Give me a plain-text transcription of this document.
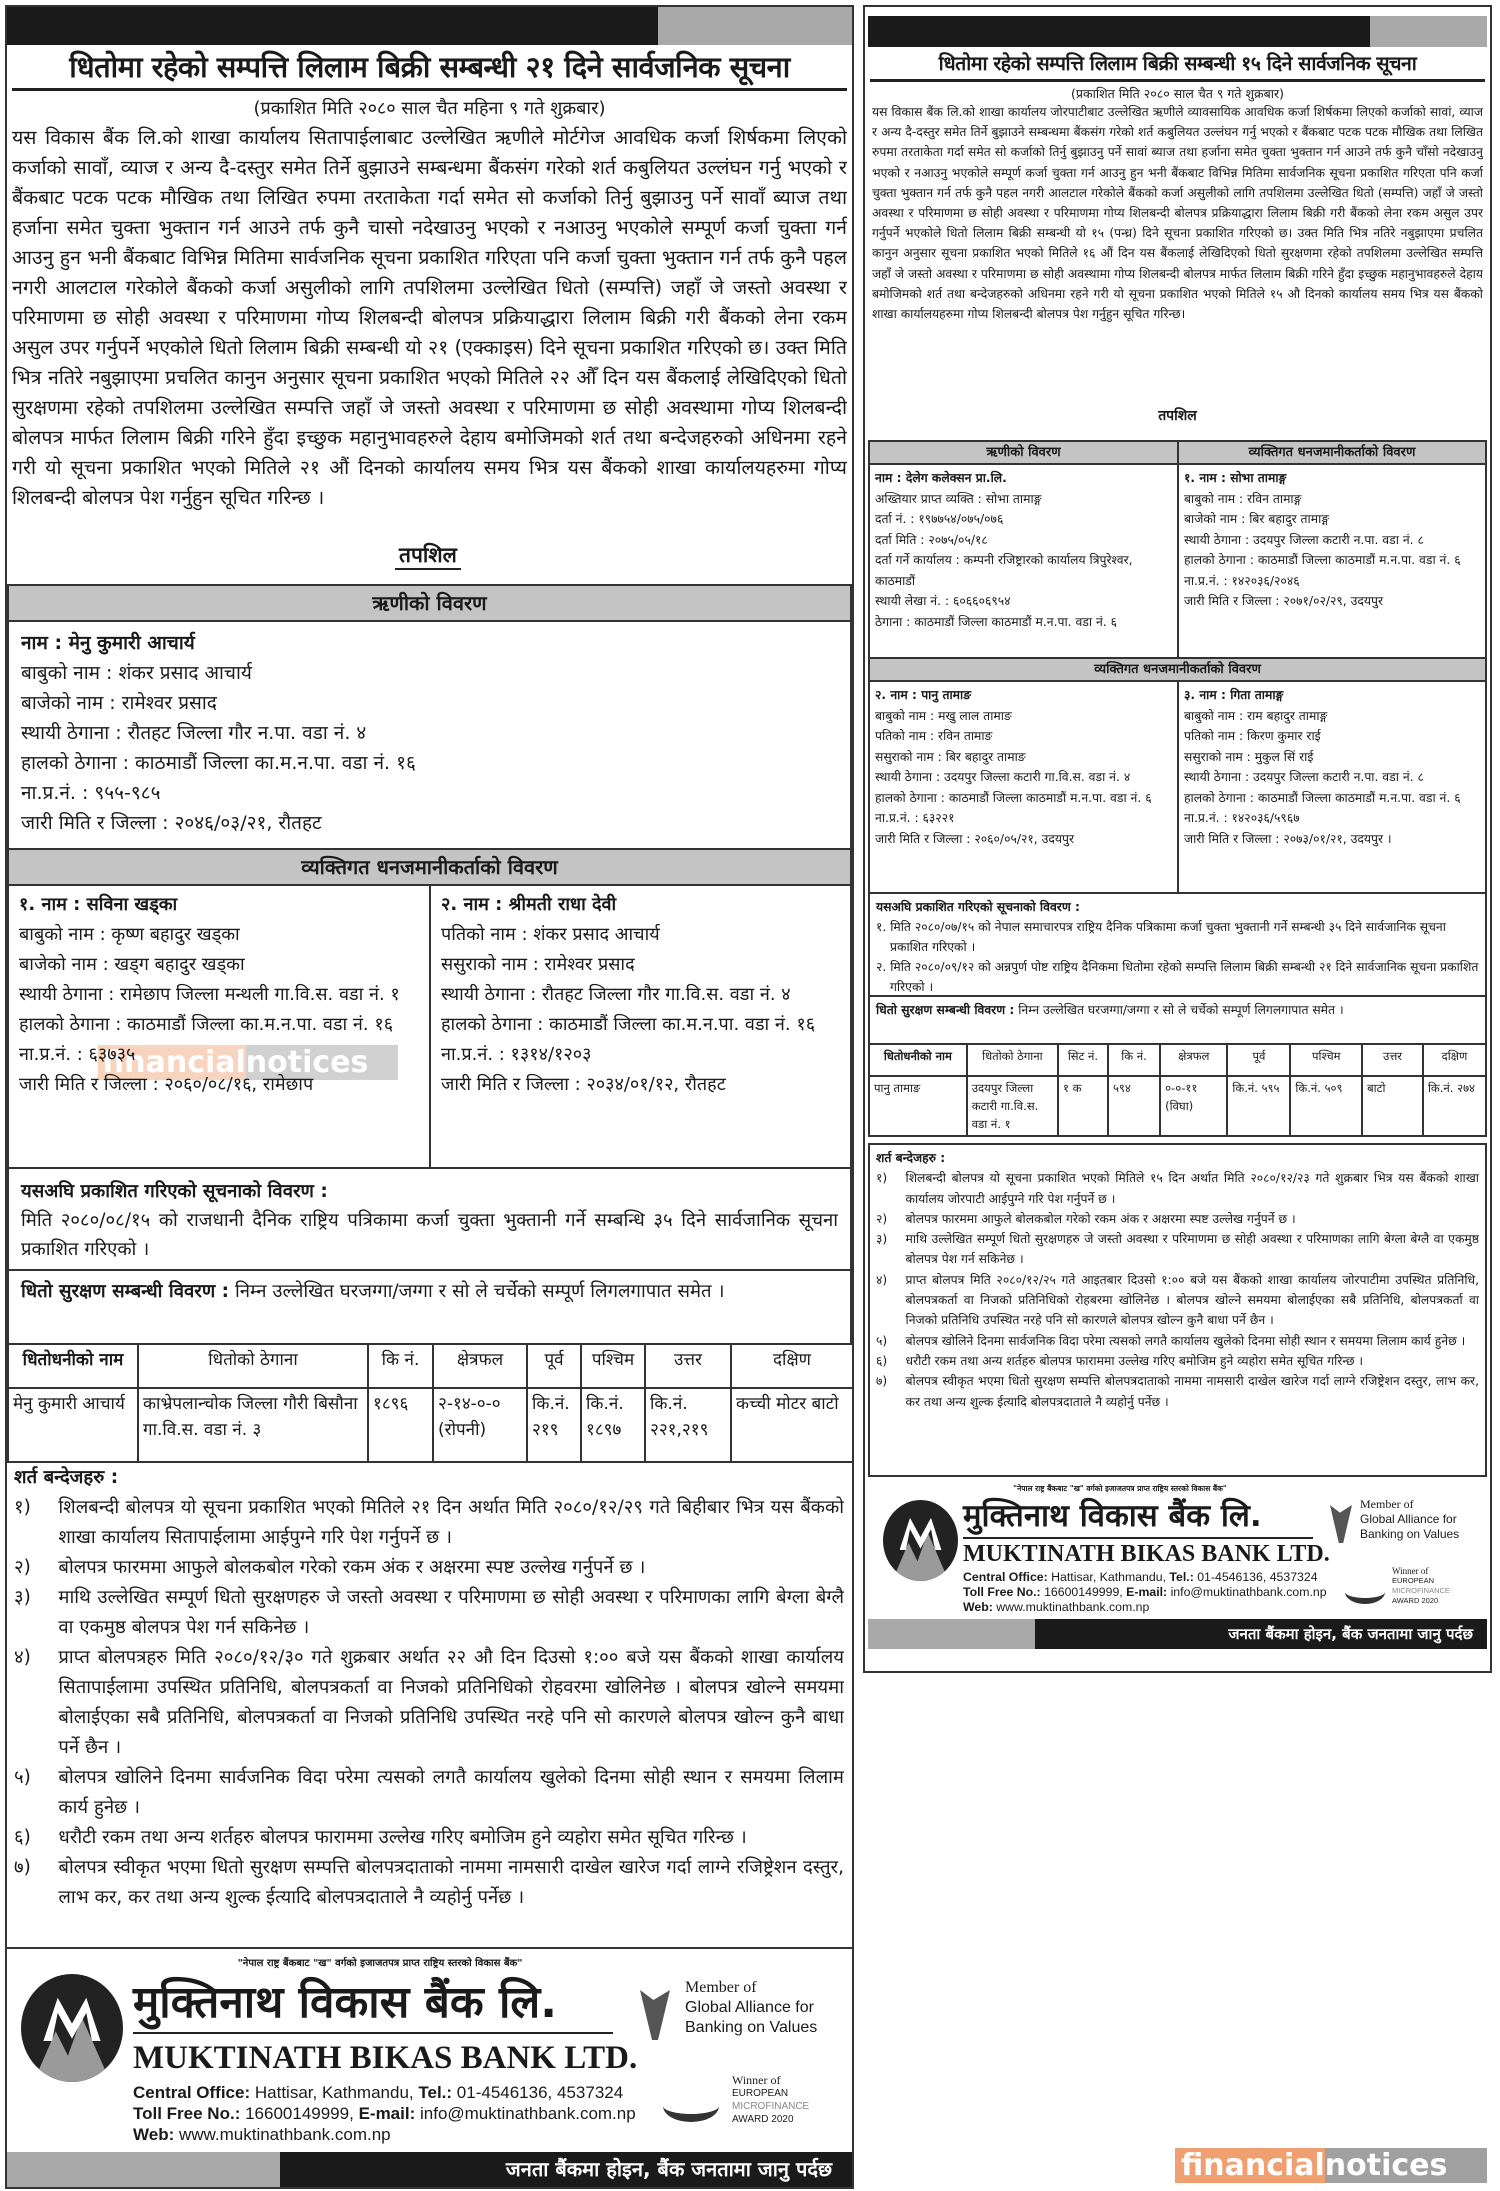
धितोमा रहेको सम्पत्ति लिलाम बिक्री सम्बन्धी २१ दिने सार्वजनिक सूचना
(प्रकाशित मिति २०८० साल चैत महिना ९ गते शुक्रबार)
यस विकास बैंक लि.को शाखा कार्यालय सितापाईलाबाट उल्लेखित ऋणीले मोर्टगेज आवधिक कर्जा शिर्षकमा लिएको कर्जाको सावाँ, व्याज र अन्य दै-दस्तुर समेत तिर्ने बुझाउने सम्बन्धमा बैंकसंग गरेको शर्त कबुलियत उल्लंघन गर्नु भएको र बैंकबाट पटक पटक मौखिक तथा लिखित रुपमा तरताकेता गर्दा समेत सो कर्जाको तिर्नु बुझाउनु पर्ने सावाँ ब्याज तथा हर्जाना समेत चुक्ता भुक्तान गर्न आउने तर्फ कुनै चासो नदेखाउनु भएको र नआउनु भएकोले सम्पूर्ण कर्जा चुक्ता गर्न आउनु हुन भनी बैंकबाट विभिन्न मितिमा सार्वजनिक सूचना प्रकाशित गरिएता पनि कर्जा चुक्ता भुक्तान गर्न तर्फ कुनै पहल नगरी आलटाल गरेकोले बैंकको कर्जा असुलीको लागि तपशिलमा उल्लेखित धितो (सम्पत्ति) जहाँ जे जस्तो अवस्था र परिमाणमा छ सोही अवस्था र परिमाणमा गोप्य शिलबन्दी बोलपत्र प्रक्रियाद्धारा लिलाम बिक्री गरी बैंकको लेना रकम असुल उपर गर्नुपर्ने भएकोले धितो लिलाम बिक्री सम्बन्धी यो २१ (एक्काइस) दिने सूचना प्रकाशित गरिएको छ। उक्त मिति भित्र नतिरे नबुझाएमा प्रचलित कानुन अनुसार सूचना प्रकाशित भएको मितिले २२ औँ दिन यस बैंकलाई लेखिदिएको धितो सुरक्षणमा रहेको तपशिलमा उल्लेखित सम्पत्ति जहाँ जे जस्तो अवस्था र परिमाणमा छ सोही अवस्थामा गोप्य शिलबन्दी बोलपत्र मार्फत लिलाम बिक्री गरिने हुँदा इच्छुक महानुभावहरुले देहाय बमोजिमको शर्त तथा बन्देजहरुको अधिनमा रहने गरी यो सूचना प्रकाशित भएको मितिले २१ औं दिनको कार्यालय समय भित्र यस बैंकको शाखा कार्यालयहरुमा गोप्य शिलबन्दी बोलपत्र पेश गर्नुहुन सूचित गरिन्छ ।
तपशिल
ऋणीको विवरण
नाम : मेनु कुमारी आचार्य
बाबुको नाम : शंकर प्रसाद आचार्य
बाजेको नाम : रामेश्वर प्रसाद
स्थायी ठेगाना : रौतहट जिल्ला गौर न.पा. वडा नं. ४
हालको ठेगाना : काठमाडौं जिल्ला का.म.न.पा. वडा नं. १६
ना.प्र.नं. : ९५५-९८५
जारी मिति र जिल्ला : २०४६/०३/२१, रौतहट
व्यक्तिगत धनजमानीकर्ताको विवरण
१. नाम : सविना खड्का
बाबुको नाम : कृष्ण बहादुर खड्का
बाजेको नाम : खड्ग बहादुर खड्का
स्थायी ठेगाना : रामेछाप जिल्ला मन्थली गा.वि.स. वडा नं. १
हालको ठेगाना : काठमाडौं जिल्ला का.म.न.पा. वडा नं. १६
ना.प्र.नं. : ६३७३५
जारी मिति र जिल्ला : २०६०/०८/१६, रामेछाप
२. नाम : श्रीमती राधा देवी
पतिको नाम : शंकर प्रसाद आचार्य
ससुराको नाम : रामेश्वर प्रसाद
स्थायी ठेगाना : रौतहट जिल्ला गौर गा.वि.स. वडा नं. ४
हालको ठेगाना : काठमाडौं जिल्ला का.म.न.पा. वडा नं. १६
ना.प्र.नं. : १३१४/१२०३
जारी मिति र जिल्ला : २०३४/०१/१२, रौतहट
यसअघि प्रकाशित गरिएको सूचनाको विवरण :
मिति २०८०/०८/१५ को राजधानी दैनिक राष्ट्रिय पत्रिकामा कर्जा चुक्ता भुक्तानी गर्ने सम्बन्धि ३५ दिने सार्वजानिक सूचना प्रकाशित गरिएको ।
धितो सुरक्षण सम्बन्धी विवरण : निम्न उल्लेखित घरजग्गा/जग्गा र सो ले चर्चेको सम्पूर्ण लिगलगापात समेत ।
धितोधनीको नाम	धितोको ठेगाना	कि नं.	क्षेत्रफल	पूर्व	पश्चिम	उत्तर	दक्षिण
मेनु कुमारी आचार्य	काभ्रेपलान्चोक जिल्ला गौरी बिसौना गा.वि.स. वडा नं. ३	१८९६	२-१४-०-० (रोपनी)	कि.नं. २१९	कि.नं. १८९७	कि.नं. २२१,२१९	कच्ची मोटर बाटो
शर्त बन्देजहरु :
१)	शिलबन्दी बोलपत्र यो सूचना प्रकाशित भएको मितिले २१ दिन अर्थात मिति २०८०/१२/२९ गते बिहीबार भित्र यस बैंकको शाखा कार्यालय सितापाईलामा आईपुग्ने गरि पेश गर्नुपर्ने छ ।
२)	बोलपत्र फारममा आफुले बोलकबोल गरेको रकम अंक र अक्षरमा स्पष्ट उल्लेख गर्नुपर्ने छ ।
३)	माथि उल्लेखित सम्पूर्ण धितो सुरक्षणहरु जे जस्तो अवस्था र परिमाणमा छ सोही अवस्था र परिमाणका लागि बेग्ला बेग्लै वा एकमुष्ठ बोलपत्र पेश गर्न सकिनेछ ।
४)	प्राप्त बोलपत्रहरु मिति २०८०/१२/३० गते शुक्रबार अर्थात २२ औ दिन दिउसो १:०० बजे यस बैंकको शाखा कार्यालय सितापाईलामा उपस्थित प्रतिनिधि, बोलपत्रकर्ता वा निजको प्रतिनिधिको रोहवरमा खोलिनेछ । बोलपत्र खोल्ने समयमा बोलाईएका सबै प्रतिनिधि, बोलपत्रकर्ता वा निजको प्रतिनिधि उपस्थित नरहे पनि सो कारणले बोलपत्र खोल्न कुनै बाधा पर्ने छैन ।
५)	बोलपत्र खोलिने दिनमा सार्वजनिक विदा परेमा त्यसको लगतै कार्यालय खुलेको दिनमा सोही स्थान र समयमा लिलाम कार्य हुनेछ ।
६)	धरौटी रकम तथा अन्य शर्तहरु बोलपत्र फाराममा उल्लेख गरिए बमोजिम हुने व्यहोरा समेत सूचित गरिन्छ ।
७)	बोलपत्र स्वीकृत भएमा धितो सुरक्षण सम्पत्ति बोलपत्रदाताको नाममा नामसारी दाखेल खारेज गर्दा लाग्ने रजिष्ट्रेशन दस्तुर, लाभ कर, कर तथा अन्य शुल्क ईत्यादि बोलपत्रदाताले नै व्यहोर्नु पर्नेछ ।
"नेपाल राष्ट्र बैंकबाट "ख" वर्गको इजाजतपत्र प्राप्त राष्ट्रिय स्तरको विकास बैंक"
मुक्तिनाथ विकास बैंक लि.
MUKTINATH BIKAS BANK LTD.
Central Office: Hattisar, Kathmandu, Tel.: 01-4546136, 4537324
Toll Free No.: 16600149999, E-mail: info@muktinathbank.com.np
Web: www.muktinathbank.com.np
Member of
Global Alliance for
Banking on Values
Winner of
EUROPEAN
MICROFINANCE
AWARD 2020
जनता बैंकमा होइन, बैंक जनतामा जानु पर्दछ
धितोमा रहेको सम्पत्ति लिलाम बिक्री सम्बन्धी १५ दिने सार्वजनिक सूचना
(प्रकाशित मिति २०८० साल चैत ९ गते शुक्रबार)
यस विकास बैंक लि.को शाखा कार्यालय जोरपाटीबाट उल्लेखित ऋणीले व्यावसायिक आवधिक कर्जा शिर्षकमा लिएको कर्जाको सावां, व्याज र अन्य दै-दस्तुर समेत तिर्ने बुझाउने सम्बन्धमा बैंकसंग गरेको शर्त कबुलियत उल्लंघन गर्नु भएको र बैंकबाट पटक पटक मौखिक तथा लिखित रुपमा तरताकेता गर्दा समेत सो कर्जाको तिर्नु बुझाउनु पर्ने सावां ब्याज तथा हर्जाना समेत चुक्ता भुक्तान गर्न आउने तर्फ कुनै चाँसो नदेखाउनु भएको र नआउनु भएकोले सम्पूर्ण कर्जा चुक्ता गर्न आउनु हुन भनी बैंकबाट विभिन्न मितिमा सार्वजनिक सूचना प्रकाशित गरिएता पनि कर्जा चुक्ता भुक्तान गर्न तर्फ कुनै पहल नगरी आलटाल गरेकोले बैंकको कर्जा असुलीको लागि तपशिलमा उल्लेखित धितो (सम्पत्ति) जहाँ जे जस्तो अवस्था र परिमाणमा छ सोही अवस्था र परिमाणमा गोप्य शिलबन्दी बोलपत्र प्रक्रियाद्धारा लिलाम बिक्री गरी बैंकको लेना रकम असुल उपर गर्नुपर्ने भएकोले धितो लिलाम बिक्री सम्बन्धी यो १५ (पन्ध्र) दिने सूचना प्रकाशित गरिएको छ। उक्त मिति भित्र नतिरे नबुझाएमा प्रचलित कानुन अनुसार सूचना प्रकाशित भएको मितिले १६ औं दिन यस बैंकलाई लेखिदिएको धितो सुरक्षणमा रहेको तपशिलमा उल्लेखित सम्पत्ति जहाँ जे जस्तो अवस्था र परिमाणमा छ सोही अवस्थामा गोप्य शिलबन्दी बोलपत्र मार्फत लिलाम बिक्री गरिने हुँदा इच्छुक महानुभावहरुले देहाय बमोजिमको शर्त तथा बन्देजहरुको अधिनमा रहने गरी यो सूचना प्रकाशित भएको मितिले १५ औ दिनको कार्यालय समय भित्र यस बैंकको शाखा कार्यालयहरुमा गोप्य शिलबन्दी बोलपत्र पेश गर्नुहुन सूचित गरिन्छ।
तपशिल
ऋणीको विवरण	व्यक्तिगत धनजमानीकर्ताको विवरण
नाम : देलेग कलेक्सन प्रा.लि.
अख्तियार प्राप्त व्यक्ति : सोभा तामाङ्ग
दर्ता नं. : १९७७५४/०७५/०७६
दर्ता मिति : २०७५/०५/१८
दर्ता गर्ने कार्यालय : कम्पनी रजिष्ट्रारको कार्यालय त्रिपुरेश्वर, काठमाडौं
स्थायी लेखा नं. : ६०६६०६९५४
ठेगाना : काठमाडौं जिल्ला काठमाडौं म.न.पा. वडा नं. ६
१. नाम : सोभा तामाङ्ग
बाबुको नाम : रविन तामाङ्ग
बाजेको नाम : बिर बहादुर तामाङ्ग
स्थायी ठेगाना : उदयपुर जिल्ला कटारी न.पा. वडा नं. ८
हालको ठेगाना : काठमाडौं जिल्ला काठमाडौं म.न.पा. वडा नं. ६
ना.प्र.नं. : १४२०३६/२०४६
जारी मिति र जिल्ला : २०७१/०२/२९, उदयपुर
व्यक्तिगत धनजमानीकर्ताको विवरण
२. नाम : पानु तामाङ
बाबुको नाम : मखु लाल तामाङ
पतिको नाम : रविन तामाङ
ससुराको नाम : बिर बहादुर तामाङ
स्थायी ठेगाना : उदयपुर जिल्ला कटारी गा.वि.स. वडा नं. ४
हालको ठेगाना : काठमाडौं जिल्ला काठमाडौं म.न.पा. वडा नं. ६
ना.प्र.नं. : ६३२२१
जारी मिति र जिल्ला : २०६०/०५/२१, उदयपुर
३. नाम : गिता तामाङ्ग
बाबुको नाम : राम बहादुर तामाङ्ग
पतिको नाम : किरण कुमार राई
ससुराको नाम : मुकुल सिं राई
स्थायी ठेगाना : उदयपुर जिल्ला कटारी न.पा. वडा नं. ८
हालको ठेगाना : काठमाडौं जिल्ला काठमाडौं म.न.पा. वडा नं. ६
ना.प्र.नं. : १४२०३६/५९६७
जारी मिति र जिल्ला : २०७३/०१/२१, उदयपुर ।
यसअघि प्रकाशित गरिएको सूचनाको विवरण :
१. मिति २०८०/०७/१५ को नेपाल समाचारपत्र राष्ट्रिय दैनिक पत्रिकामा कर्जा चुक्ता भुक्तानी गर्ने सम्बन्धी ३५ दिने सार्वजानिक सूचना प्रकाशित गरिएको ।
२. मिति २०८०/०९/१२ को अन्नपुर्ण पोष्ट राष्ट्रिय दैनिकमा धितोमा रहेको सम्पत्ति लिलाम बिक्री सम्बन्धी २१ दिने सार्वजानिक सूचना प्रकाशित गरिएको ।
धितो सुरक्षण सम्बन्धी विवरण : निम्न उल्लेखित घरजग्गा/जग्गा र सो ले चर्चेको सम्पूर्ण लिगलगापात समेत ।
धितोधनीको नाम	धितोको ठेगाना	सिट नं.	कि नं.	क्षेत्रफल	पूर्व	पश्चिम	उत्तर	दक्षिण
पानु तामाङ	उदयपुर जिल्ला कटारी गा.वि.स. वडा नं. १	१ क	५९४	०-०-११ (विघा)	कि.नं. ५९५	कि.नं. ५०९	बाटो	कि.नं. २७४
शर्त बन्देजहरु :
१)	शिलबन्दी बोलपत्र यो सूचना प्रकाशित भएको मितिले १५ दिन अर्थात मिति २०८०/१२/२३ गते शुक्रबार भित्र यस बैंकको शाखा कार्यालय जोरपाटी आईपुग्ने गरि पेश गर्नुपर्ने छ ।
२)	बोलपत्र फारममा आफुले बोलकबोल गरेको रकम अंक र अक्षरमा स्पष्ट उल्लेख गर्नुपर्ने छ ।
३)	माथि उल्लेखित सम्पूर्ण धितो सुरक्षणहरु जे जस्तो अवस्था र परिमाणमा छ सोही अवस्था र परिमाणका लागि बेग्ला बेग्लै वा एकमुष्ठ बोलपत्र पेश गर्न सकिनेछ ।
४)	प्राप्त बोलपत्र मिति २०८०/१२/२५ गते आइतबार दिउसो १:०० बजे यस बैंकको शाखा कार्यालय जोरपाटीमा उपस्थित प्रतिनिधि, बोलपत्रकर्ता वा निजको प्रतिनिधिको रोहबरमा खोलिनेछ । बोलपत्र खोल्ने समयमा बोलाईएका सबै प्रतिनिधि, बोलपत्रकर्ता वा निजको प्रतिनिधि उपस्थित नरहे पनि सो कारणले बोलपत्र खोल्न कुनै बाधा पर्ने छैन ।
५)	बोलपत्र खोलिने दिनमा सार्वजनिक विदा परेमा त्यसको लगतै कार्यालय खुलेको दिनमा सोही स्थान र समयमा लिलाम कार्य हुनेछ ।
६)	धरौटी रकम तथा अन्य शर्तहरु बोलपत्र फाराममा उल्लेख गरिए बमोजिम हुने व्यहोरा समेत सूचित गरिन्छ ।
७)	बोलपत्र स्वीकृत भएमा धितो सुरक्षण सम्पत्ति बोलपत्रदाताको नाममा नामसारी दाखेल खारेज गर्दा लाग्ने रजिष्ट्रेशन दस्तुर, लाभ कर, कर तथा अन्य शुल्क ईत्यादि बोलपत्रदाताले नै व्यहोर्नु पर्नेछ ।
"नेपाल राष्ट्र बैंकबाट "ख" वर्गको इजाजतपत्र प्राप्त राष्ट्रिय स्तरको विकास बैंक"
मुक्तिनाथ विकास बैंक लि.
MUKTINATH BIKAS BANK LTD.
Central Office: Hattisar, Kathmandu, Tel.: 01-4546136, 4537324
Toll Free No.: 16600149999, E-mail: info@muktinathbank.com.np
Web: www.muktinathbank.com.np
Member of
Global Alliance for
Banking on Values
Winner of
EUROPEAN
MICROFINANCE
AWARD 2020
जनता बैंकमा होइन, बैंक जनतामा जानु पर्दछ
financialnotices
financialnotices
